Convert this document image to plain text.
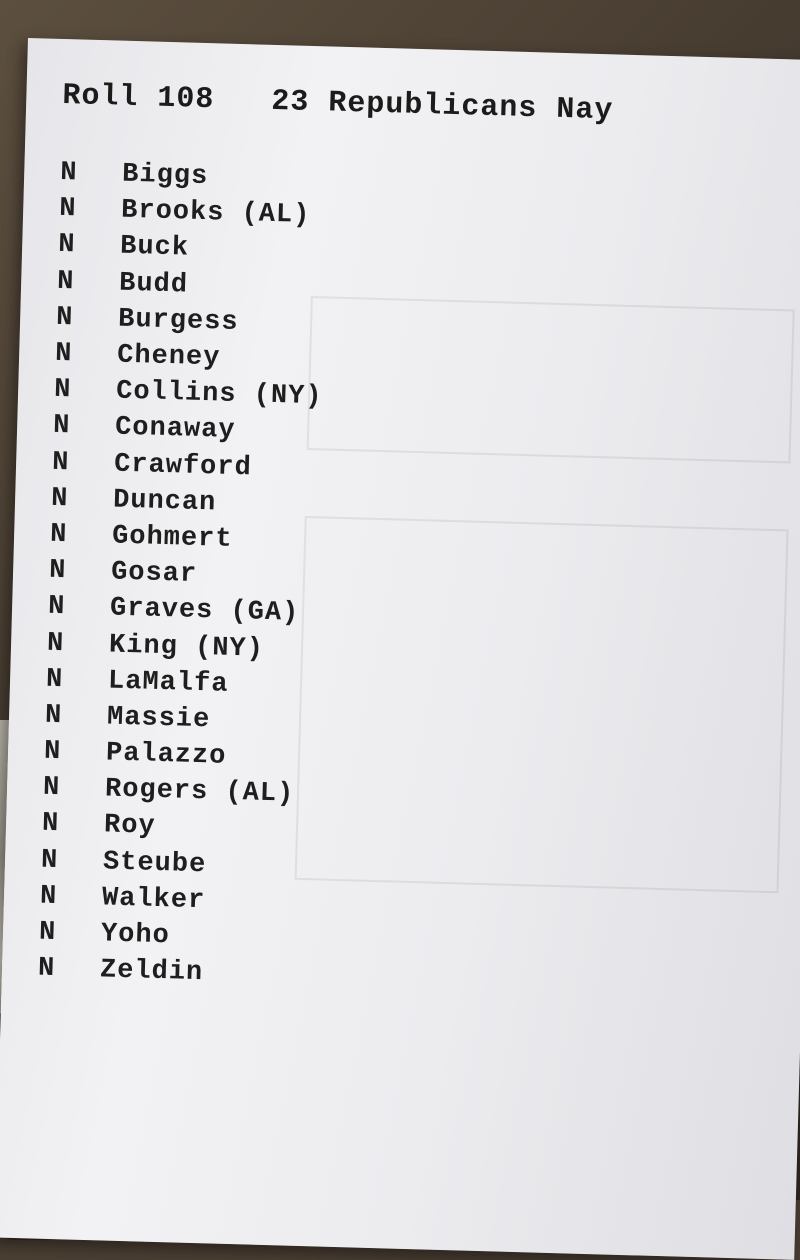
Roll 108   23 Republicans Nay
N	Biggs
N	Brooks (AL)
N	Buck
N	Budd
N	Burgess
N	Cheney
N	Collins (NY)
N	Conaway
N	Crawford
N	Duncan
N	Gohmert
N	Gosar
N	Graves (GA)
N	King (NY)
N	LaMalfa
N	Massie
N	Palazzo
N	Rogers (AL)
N	Roy
N	Steube
N	Walker
N	Yoho
N	Zeldin
